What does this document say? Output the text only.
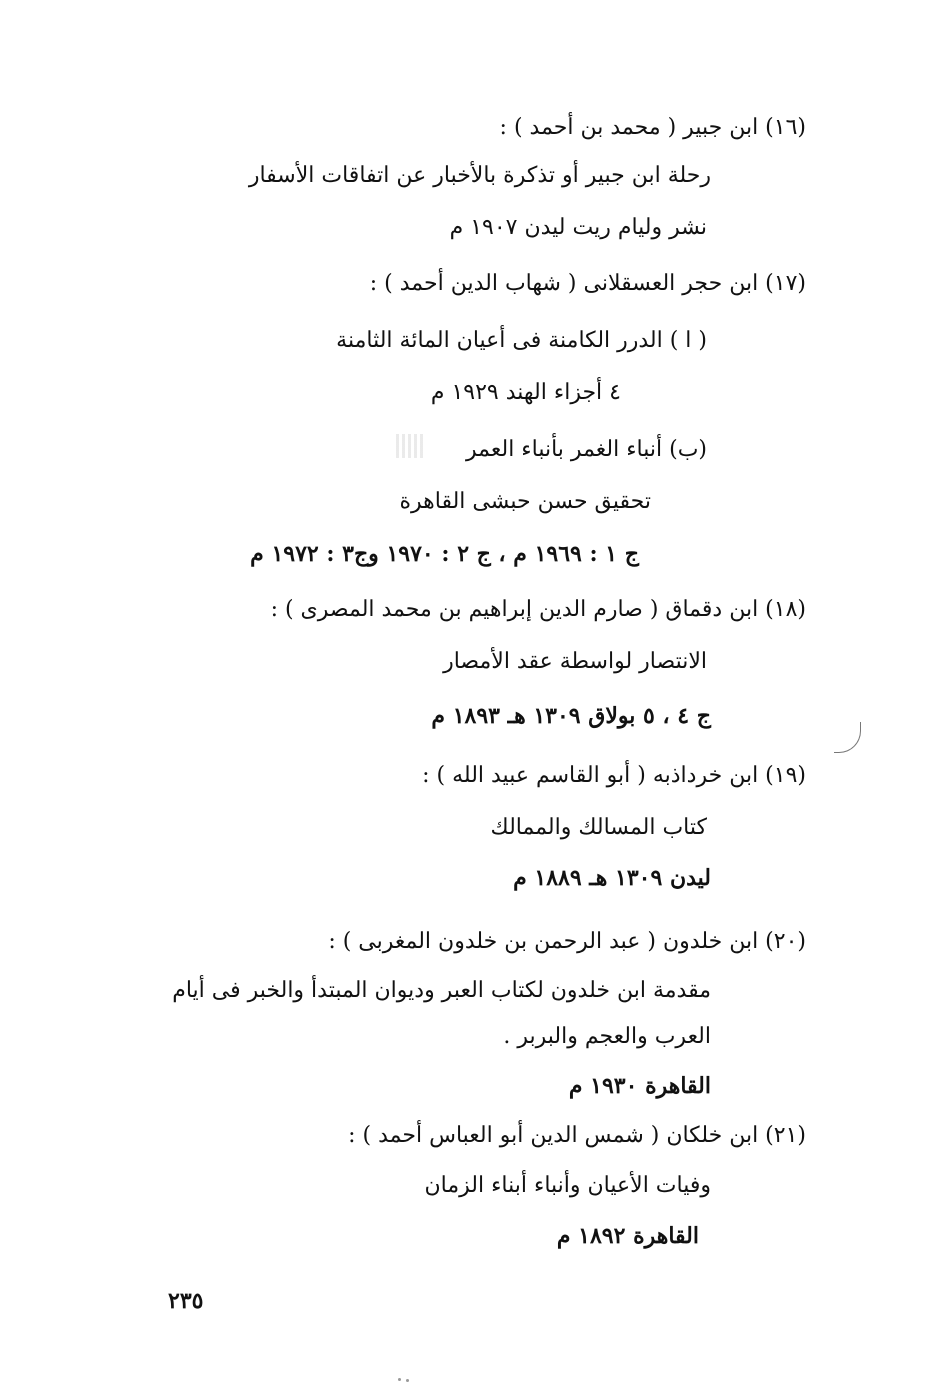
(١٦) ابن جبير ( محمد بن أحمد ) :
رحلة ابن جبير أو تذكرة بالأخبار عن اتفاقات الأسفار
نشر وليام ريت ليدن ١٩٠٧ م
(١٧) ابن حجر العسقلانى ( شهاب الدين أحمد ) :
( ا ) الدرر الكامنة فى أعيان المائة الثامنة
٤ أجزاء الهند ١٩٢٩ م
(ب) أنباء الغمر بأنباء العمر
تحقيق حسن حبشى القاهرة
ج ١ : ١٩٦٩ م ، ج ٢ : ١٩٧٠ وج٣ : ١٩٧٢ م
(١٨) ابن دقماق ( صارم الدين إبراهيم بن محمد المصرى ) :
الانتصار لواسطة عقد الأمصار
ج ٤ ، ٥ بولاق ١٣٠٩ هـ ١٨٩٣ م
(١٩) ابن خرداذبه ( أبو القاسم عبيد الله ) :
كتاب المسالك والممالك
ليدن ١٣٠٩ هـ ١٨٨٩ م
(٢٠) ابن خلدون ( عبد الرحمن بن خلدون المغربى ) :
مقدمة ابن خلدون لكتاب العبر وديوان المبتدأ والخبر فى أيام
العرب والعجم والبربر .
القاهرة ١٩٣٠ م
(٢١) ابن خلكان ( شمس الدين أبو العباس أحمد ) :
وفيات الأعيان وأنباء أبناء الزمان
القاهرة ١٨٩٢ م
٢٣٥
